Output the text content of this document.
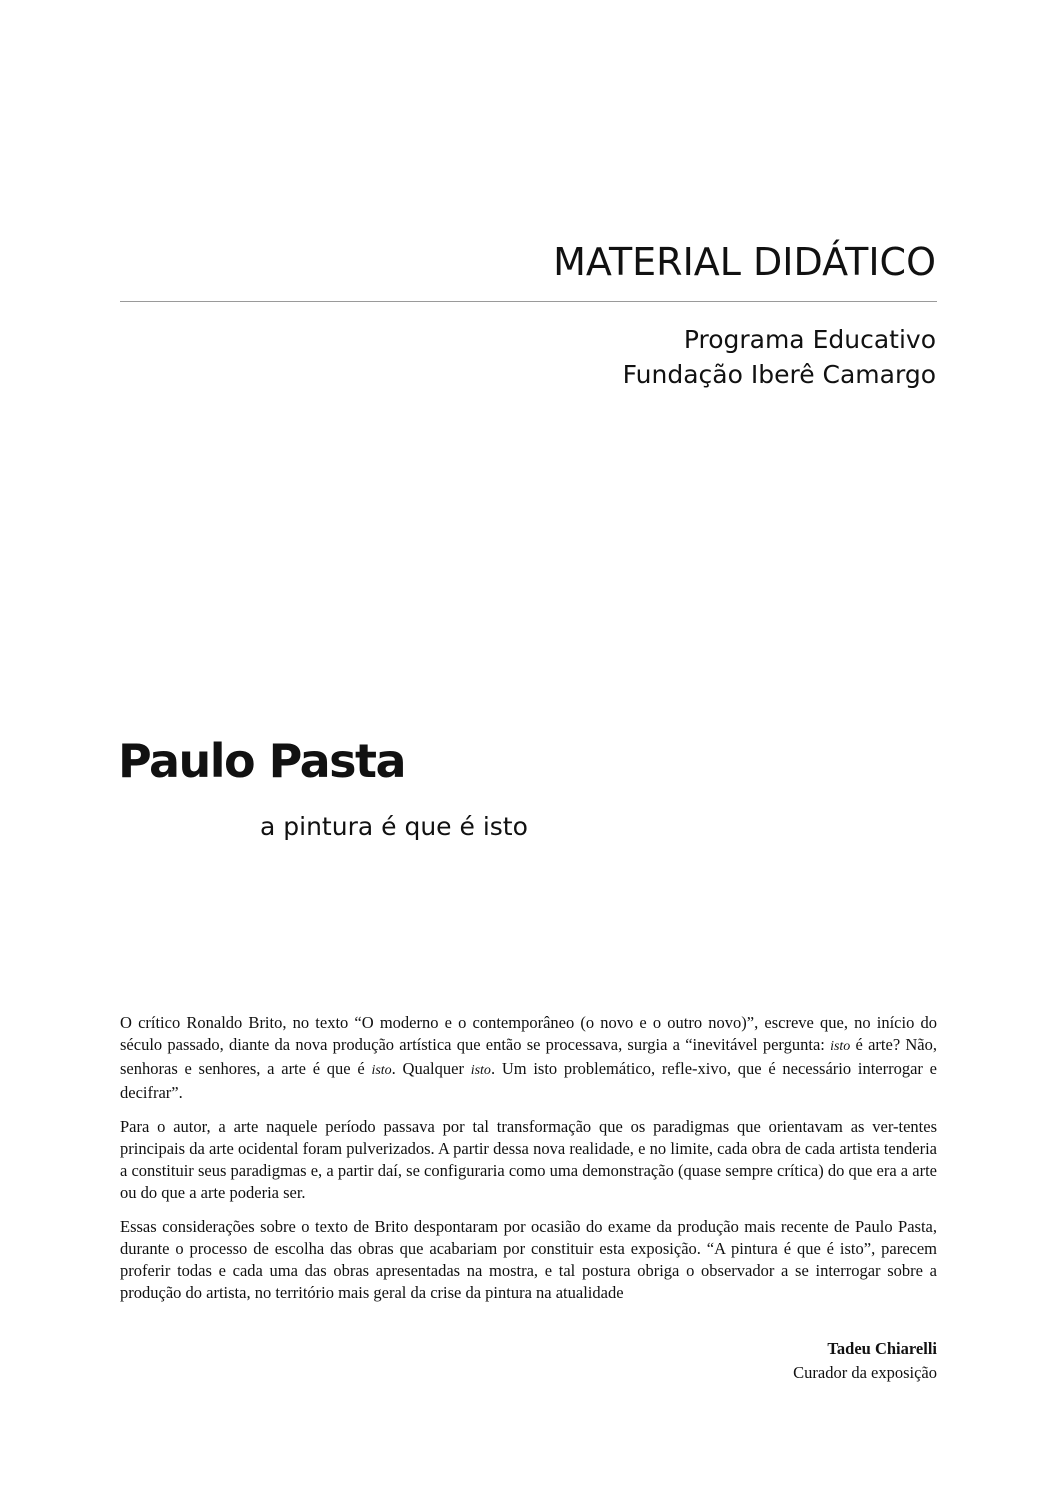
MATERIAL DIDÁTICO
Programa Educativo
Fundação Iberê Camargo
Paulo Pasta
a pintura é que é isto

O crítico Ronaldo Brito, no texto “O moderno e o contemporâneo (o novo e o outro novo)”, escreve que, no início do século passado, diante da nova produção artística que então se processava, surgia a “inevitável pergunta: isto é arte? Não, senhoras e senhores, a arte é que é isto. Qualquer isto. Um isto problemático, refle-xivo, que é necessário interrogar e decifrar”.

Para o autor, a arte naquele período passava por tal transformação que os paradigmas que orientavam as ver-tentes principais da arte ocidental foram pulverizados. A partir dessa nova realidade, e no limite, cada obra de cada artista tenderia a constituir seus paradigmas e, a partir daí, se configuraria como uma demonstração (quase sempre crítica) do que era a arte ou do que a arte poderia ser.

Essas considerações sobre o texto de Brito despontaram por ocasião do exame da produção mais recente de Paulo Pasta, durante o processo de escolha das obras que acabariam por constituir esta exposição. “A pintura é que é isto”, parecem proferir todas e cada uma das obras apresentadas na mostra, e tal postura obriga o observador a se interrogar sobre a produção do artista, no território mais geral da crise da pintura na atualidade

Tadeu Chiarelli
Curador da exposição
